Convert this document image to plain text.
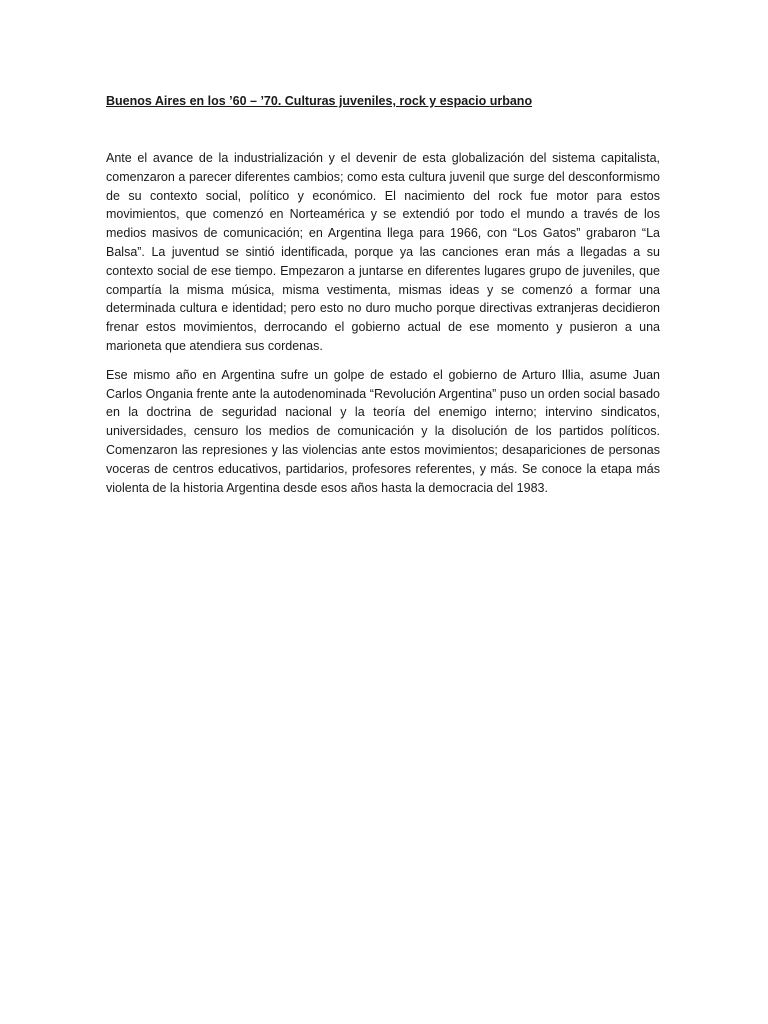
Buenos Aires en los ’60 – ’70. Culturas juveniles, rock y espacio urbano

Ante el avance de la industrialización y el devenir de esta globalización del sistema capitalista, comenzaron a parecer diferentes cambios; como esta cultura juvenil que surge del desconformismo de su contexto social, político y económico. El nacimiento del rock fue motor para estos movimientos, que comenzó en Norteamérica y se extendió por todo el mundo a través de los medios masivos de comunicación; en Argentina llega para 1966, con “Los Gatos” grabaron “La Balsa”. La juventud se sintió identificada, porque ya las canciones eran más a llegadas a su contexto social de ese tiempo. Empezaron a juntarse en diferentes lugares grupo de juveniles, que compartía la misma música, misma vestimenta, mismas ideas y se comenzó a formar una determinada cultura e identidad; pero esto no duro mucho porque directivas extranjeras decidieron frenar estos movimientos, derrocando el gobierno actual de ese momento y pusieron a una marioneta que atendiera sus cordenas.

Ese mismo año en Argentina sufre un golpe de estado el gobierno de Arturo Illia, asume Juan Carlos Ongania frente ante la autodenominada “Revolución Argentina” puso un orden social basado en la doctrina de seguridad nacional y la teoría del enemigo interno; intervino sindicatos, universidades, censuro los medios de comunicación y la disolución de los partidos políticos. Comenzaron las represiones y las violencias ante estos movimientos; desapariciones de personas voceras de centros educativos, partidarios, profesores referentes, y más. Se conoce la etapa más violenta de la historia Argentina desde esos años hasta la democracia del 1983.
